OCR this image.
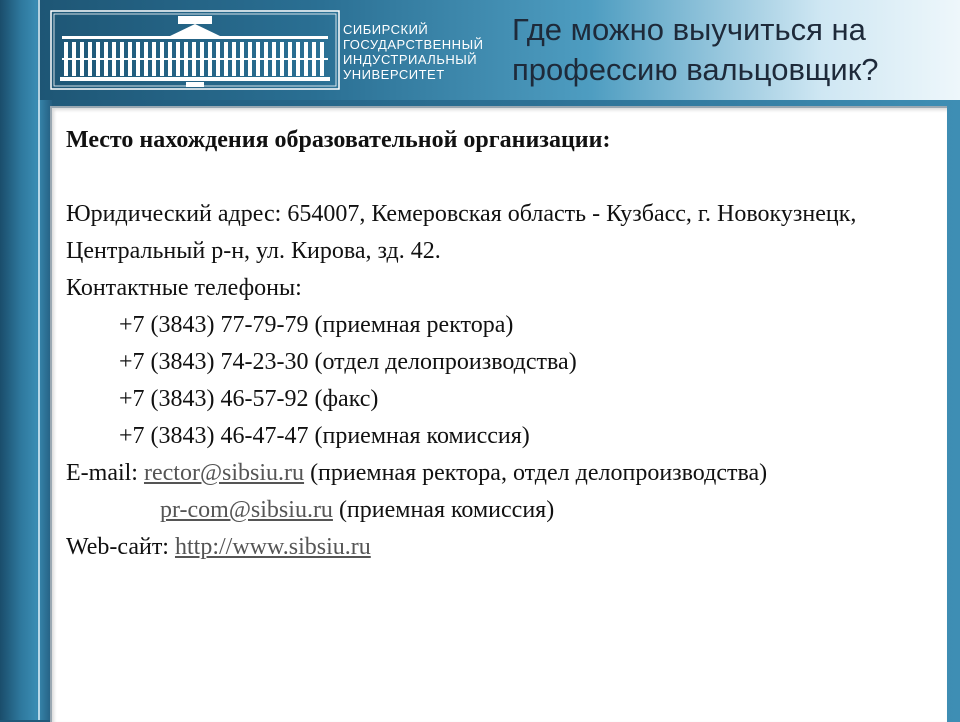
СИБИРСКИЙ
ГОСУДАРСТВЕННЫЙ
ИНДУСТРИАЛЬНЫЙ
УНИВЕРСИТЕТ
Где можно выучиться на профессию вальцовщик?
Место нахождения образовательной организации:
Юридический адрес: 654007, Кемеровская область - Кузбасс, г. Новокузнецк, Центральный р-н, ул. Кирова, зд. 42.
Контактные телефоны:
+7 (3843) 77-79-79 (приемная ректора)
+7 (3843) 74-23-30 (отдел делопроизводства)
+7 (3843) 46-57-92 (факс)
+7 (3843) 46-47-47 (приемная комиссия)
E-mail: rector@sibsiu.ru (приемная ректора, отдел делопроизводства)
pr-com@sibsiu.ru (приемная комиссия)
Web-сайт: http://www.sibsiu.ru
